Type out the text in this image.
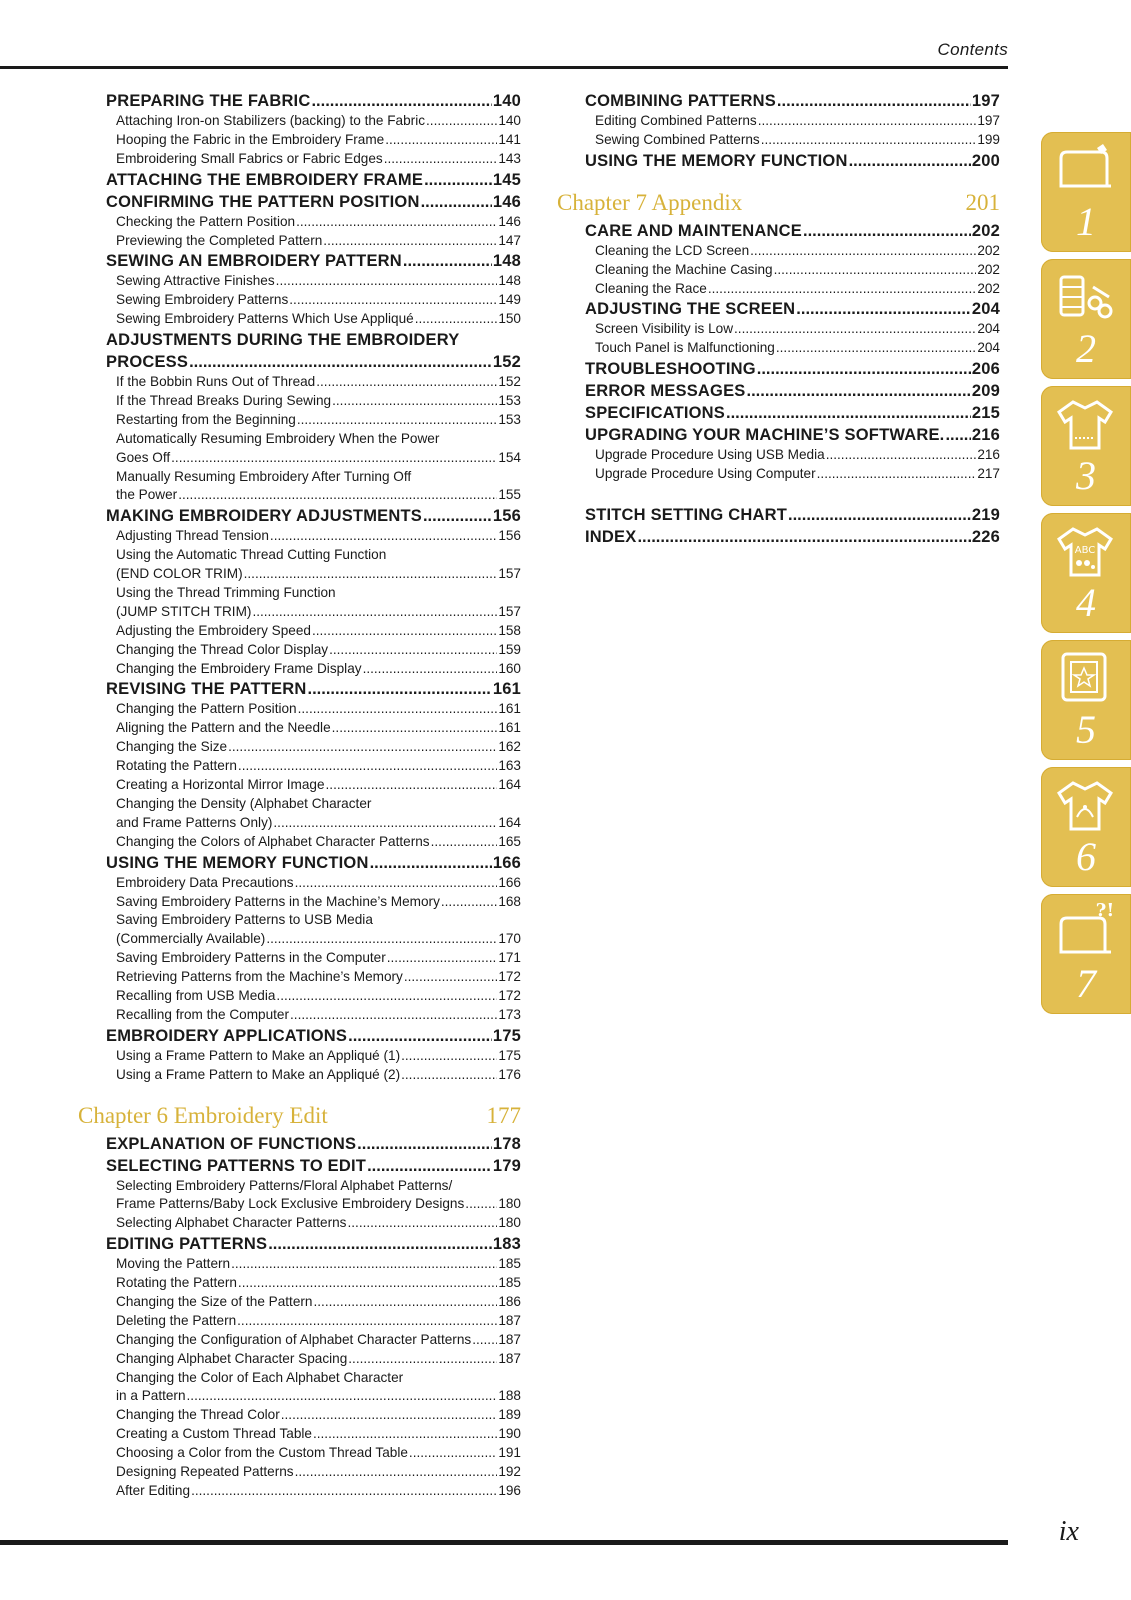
Contents
PREPARING THE FABRIC .....	140
Attaching Iron-on Stabilizers (backing) to the Fabric .....	140
Hooping the Fabric in the Embroidery Frame .....	141
Embroidering Small Fabrics or Fabric Edges .....	143
ATTACHING THE EMBROIDERY FRAME .....	145
CONFIRMING THE PATTERN POSITION .....	146
Checking the Pattern Position .....	146
Previewing the Completed Pattern .....	147
SEWING AN EMBROIDERY PATTERN .....	148
Sewing Attractive Finishes .....	148
Sewing Embroidery Patterns .....	149
Sewing Embroidery Patterns Which Use Appliqué .....	150
ADJUSTMENTS DURING THE EMBROIDERY
PROCESS .....	152
If the Bobbin Runs Out of Thread .....	152
If the Thread Breaks During Sewing .....	153
Restarting from the Beginning .....	153
Automatically Resuming Embroidery When the Power
Goes Off .....	154
Manually Resuming Embroidery After Turning Off
the Power .....	155
MAKING EMBROIDERY ADJUSTMENTS .....	156
Adjusting Thread Tension .....	156
Using the Automatic Thread Cutting Function
(END COLOR TRIM) .....	157
Using the Thread Trimming Function
(JUMP STITCH TRIM) .....	157
Adjusting the Embroidery Speed .....	158
Changing the Thread Color Display .....	159
Changing the Embroidery Frame Display .....	160
REVISING THE PATTERN .....	161
Changing the Pattern Position .....	161
Aligning the Pattern and the Needle .....	161
Changing the Size .....	162
Rotating the Pattern .....	163
Creating a Horizontal Mirror Image .....	164
Changing the Density (Alphabet Character
and Frame Patterns Only) .....	164
Changing the Colors of Alphabet Character Patterns .....	165
USING THE MEMORY FUNCTION .....	166
Embroidery Data Precautions .....	166
Saving Embroidery Patterns in the Machine’s Memory .....	168
Saving Embroidery Patterns to USB Media
(Commercially Available) .....	170
Saving Embroidery Patterns in the Computer .....	171
Retrieving Patterns from the Machine’s Memory .....	172
Recalling from USB Media .....	172
Recalling from the Computer .....	173
EMBROIDERY APPLICATIONS .....	175
Using a Frame Pattern to Make an Appliqué (1) .....	175
Using a Frame Pattern to Make an Appliqué (2) .....	176
Chapter 6 Embroidery Edit	177
EXPLANATION OF FUNCTIONS .....	178
SELECTING PATTERNS TO EDIT .....	179
Selecting Embroidery Patterns/Floral Alphabet Patterns/
Frame Patterns/Baby Lock Exclusive Embroidery Designs .....	180
Selecting Alphabet Character Patterns .....	180
EDITING PATTERNS .....	183
Moving the Pattern .....	185
Rotating the Pattern .....	185
Changing the Size of the Pattern .....	186
Deleting the Pattern .....	187
Changing the Configuration of Alphabet Character Patterns ..... 187
Changing Alphabet Character Spacing .....	187
Changing the Color of Each Alphabet Character
in a Pattern .....	188
Changing the Thread Color .....	189
Creating a Custom Thread Table .....	190
Choosing a Color from the Custom Thread Table .....	191
Designing Repeated Patterns .....	192
After Editing .....	196
COMBINING PATTERNS .....	197
Editing Combined Patterns .....	197
Sewing Combined Patterns .....	199
USING THE MEMORY FUNCTION .....	200
Chapter 7 Appendix	201
CARE AND MAINTENANCE .....	202
Cleaning the LCD Screen .....	202
Cleaning the Machine Casing .....	202
Cleaning the Race .....	202
ADJUSTING THE SCREEN .....	204
Screen Visibility is Low .....	204
Touch Panel is Malfunctioning .....	204
TROUBLESHOOTING .....	206
ERROR MESSAGES .....	209
SPECIFICATIONS .....	215
UPGRADING YOUR MACHINE’S SOFTWARE. ..... 216
Upgrade Procedure Using USB Media .....	216
Upgrade Procedure Using Computer .....	217
STITCH SETTING CHART .....	219
INDEX .....	226
1
2
3
ABC
4
5
6
?!
7
ix
